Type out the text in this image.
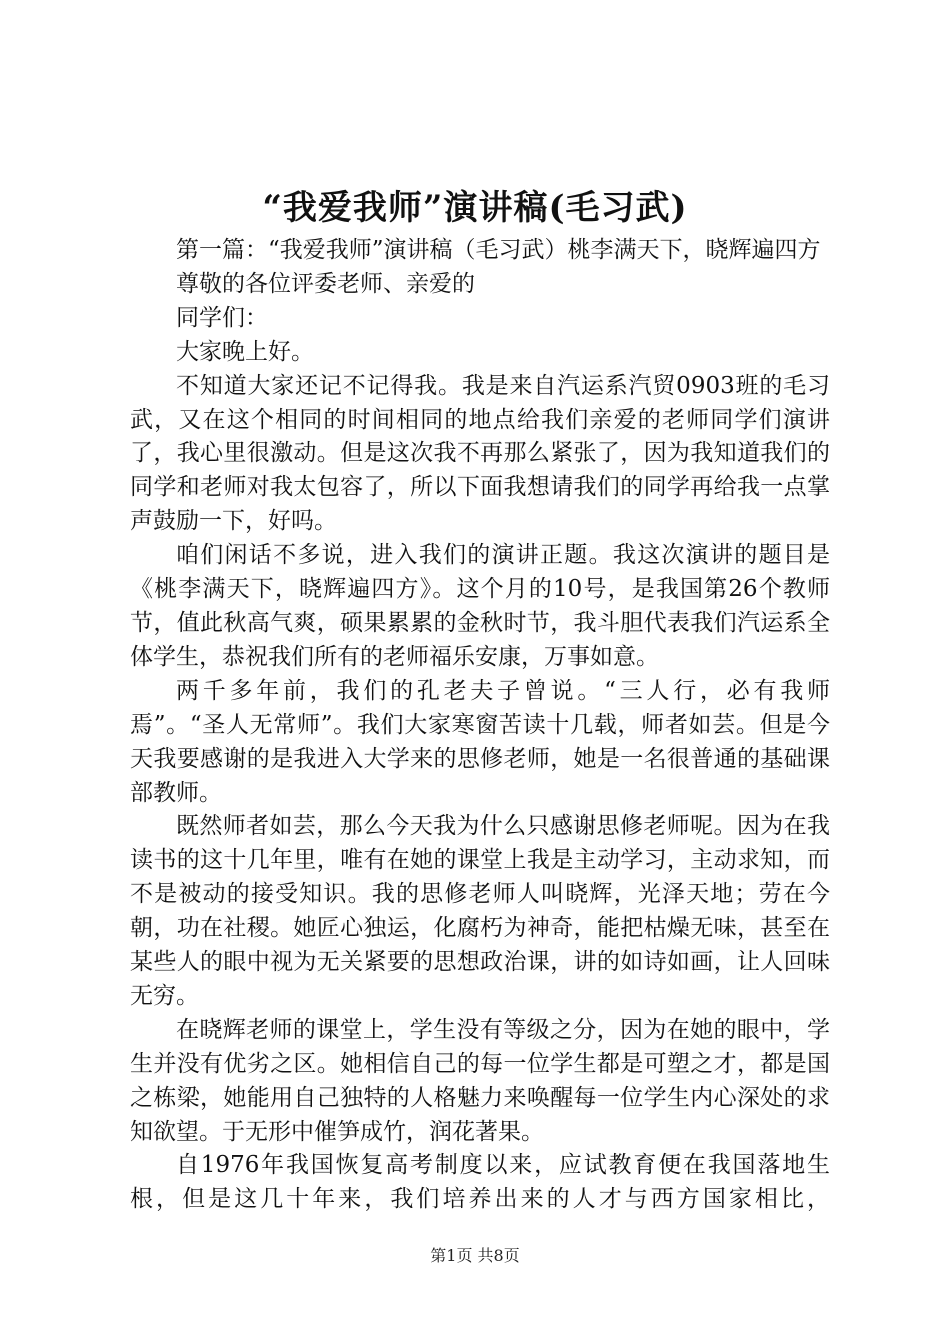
“我爱我师”演讲稿(毛习武)

第一篇：“我爱我师”演讲稿（毛习武）桃李满天下，晓辉遍四方

尊敬的各位评委老师、亲爱的

同学们：

大家晚上好。

不知道大家还记不记得我。我是来自汽运系汽贸0903班的毛习武，又在这个相同的时间相同的地点给我们亲爱的老师同学们演讲了，我心里很激动。但是这次我不再那么紧张了，因为我知道我们的同学和老师对我太包容了，所以下面我想请我们的同学再给我一点掌声鼓励一下，好吗。

咱们闲话不多说，进入我们的演讲正题。我这次演讲的题目是《桃李满天下，晓辉遍四方》。这个月的10号，是我国第26个教师节，值此秋高气爽，硕果累累的金秋时节，我斗胆代表我们汽运系全体学生，恭祝我们所有的老师福乐安康，万事如意。

两千多年前，我们的孔老夫子曾说。“三人行，必有我师焉”。“圣人无常师”。我们大家寒窗苦读十几载，师者如芸。但是今天我要感谢的是我进入大学来的思修老师，她是一名很普通的基础课部教师。

既然师者如芸，那么今天我为什么只感谢思修老师呢。因为在我读书的这十几年里，唯有在她的课堂上我是主动学习，主动求知，而不是被动的接受知识。我的思修老师人叫晓辉，光泽天地；劳在今朝，功在社稷。她匠心独运，化腐朽为神奇，能把枯燥无味，甚至在某些人的眼中视为无关紧要的思想政治课，讲的如诗如画，让人回味无穷。

在晓辉老师的课堂上，学生没有等级之分，因为在她的眼中，学生并没有优劣之区。她相信自己的每一位学生都是可塑之才，都是国之栋梁，她能用自己独特的人格魅力来唤醒每一位学生内心深处的求知欲望。于无形中催笋成竹，润花著果。

自1976年我国恢复高考制度以来，应试教育便在我国落地生根，但是这几十年来，我们培养出来的人才与西方国家相比，

第1页 共8页
